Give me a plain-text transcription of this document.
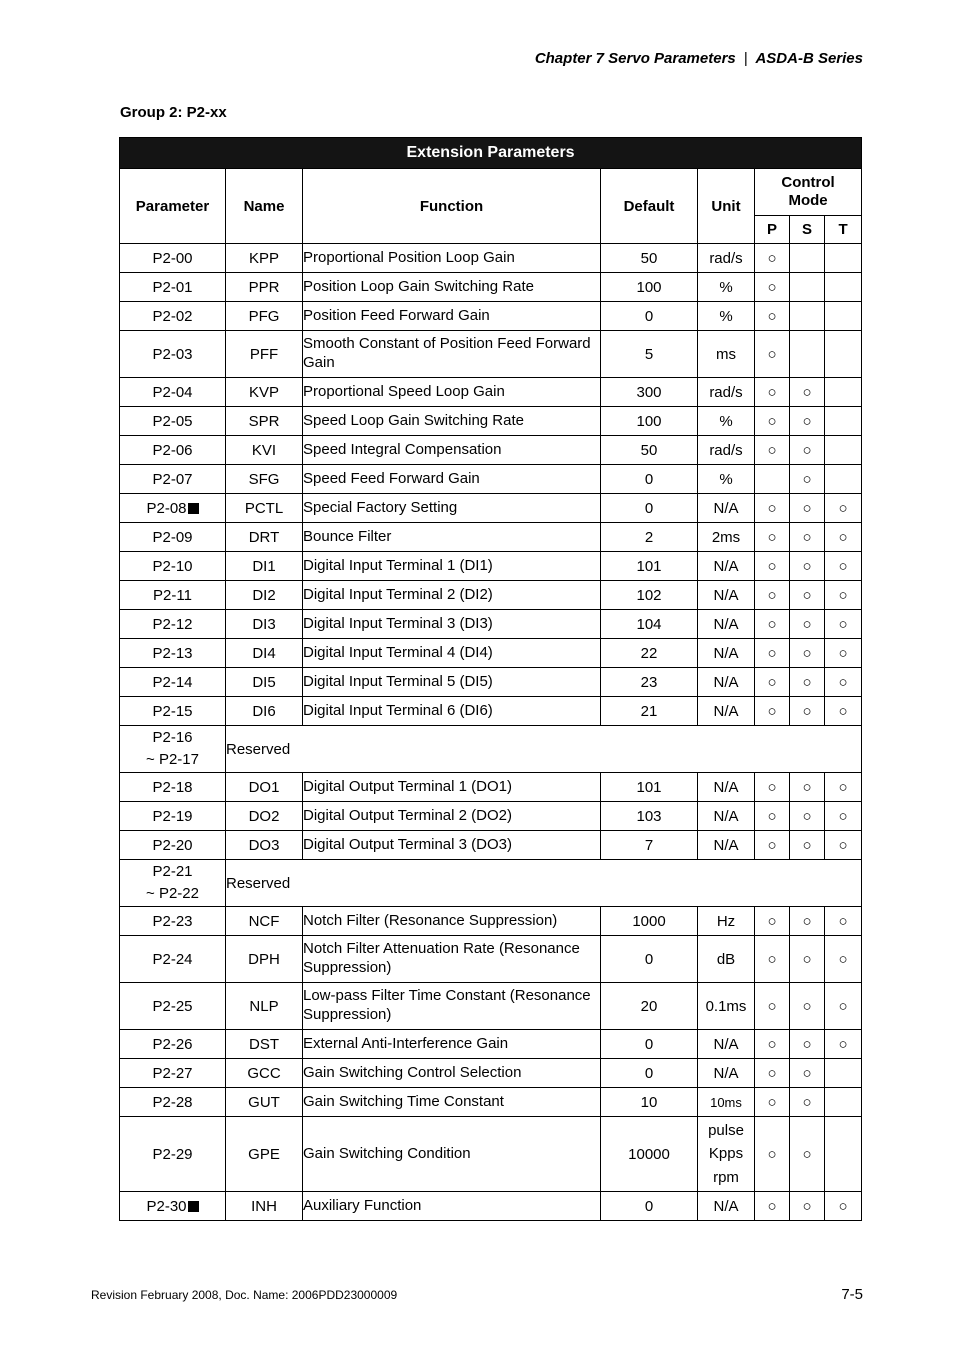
Chapter 7 Servo Parameters | ASDA-B Series
Group 2: P2-xx
Extension Parameters							
Parameter	Name	Function	Default	Unit	Control Mode		
					P	S	T
P2-00	KPP	Proportional Position Loop Gain	50	rad/s	○		
P2-01	PPR	Position Loop Gain Switching Rate	100	%	○		
P2-02	PFG	Position Feed Forward Gain	0	%	○		
P2-03	PFF	Smooth Constant of Position Feed Forward Gain	5	ms	○		
P2-04	KVP	Proportional Speed Loop Gain	300	rad/s	○	○	
P2-05	SPR	Speed Loop Gain Switching Rate	100	%	○	○	
P2-06	KVI	Speed Integral Compensation	50	rad/s	○	○	
P2-07	SFG	Speed Feed Forward Gain	0	%		○	
P2-08	PCTL	Special Factory Setting	0	N/A	○	○	○
P2-09	DRT	Bounce Filter	2	2ms	○	○	○
P2-10	DI1	Digital Input Terminal 1 (DI1)	101	N/A	○	○	○
P2-11	DI2	Digital Input Terminal 2 (DI2)	102	N/A	○	○	○
P2-12	DI3	Digital Input Terminal 3 (DI3)	104	N/A	○	○	○
P2-13	DI4	Digital Input Terminal 4 (DI4)	22	N/A	○	○	○
P2-14	DI5	Digital Input Terminal 5 (DI5)	23	N/A	○	○	○
P2-15	DI6	Digital Input Terminal 6 (DI6)	21	N/A	○	○	○

P2-16
~ P2-17	Reserved						
P2-18	DO1	Digital Output Terminal 1 (DO1)	101	N/A	○	○	○
P2-19	DO2	Digital Output Terminal 2 (DO2)	103	N/A	○	○	○
P2-20	DO3	Digital Output Terminal 3 (DO3)	7	N/A	○	○	○

P2-21
~ P2-22	Reserved						
P2-23	NCF	Notch Filter (Resonance Suppression)	1000	Hz	○	○	○
P2-24	DPH	Notch Filter Attenuation Rate (Resonance Suppression)	0	dB	○	○	○
P2-25	NLP	Low-pass Filter Time Constant (Resonance Suppression)	20	0.1ms	○	○	○
P2-26	DST	External Anti-Interference Gain	0	N/A	○	○	○
P2-27	GCC	Gain Switching Control Selection	0	N/A	○	○	
P2-28	GUT	Gain Switching Time Constant	10	10ms	○	○	
P2-29	GPE	Gain Switching Condition	10000	pulse
Kpps
rpm	○	○	
P2-30	INH	Auxiliary Function	0	N/A	○	○	○
Revision February 2008, Doc. Name: 2006PDD23000009	7-5
